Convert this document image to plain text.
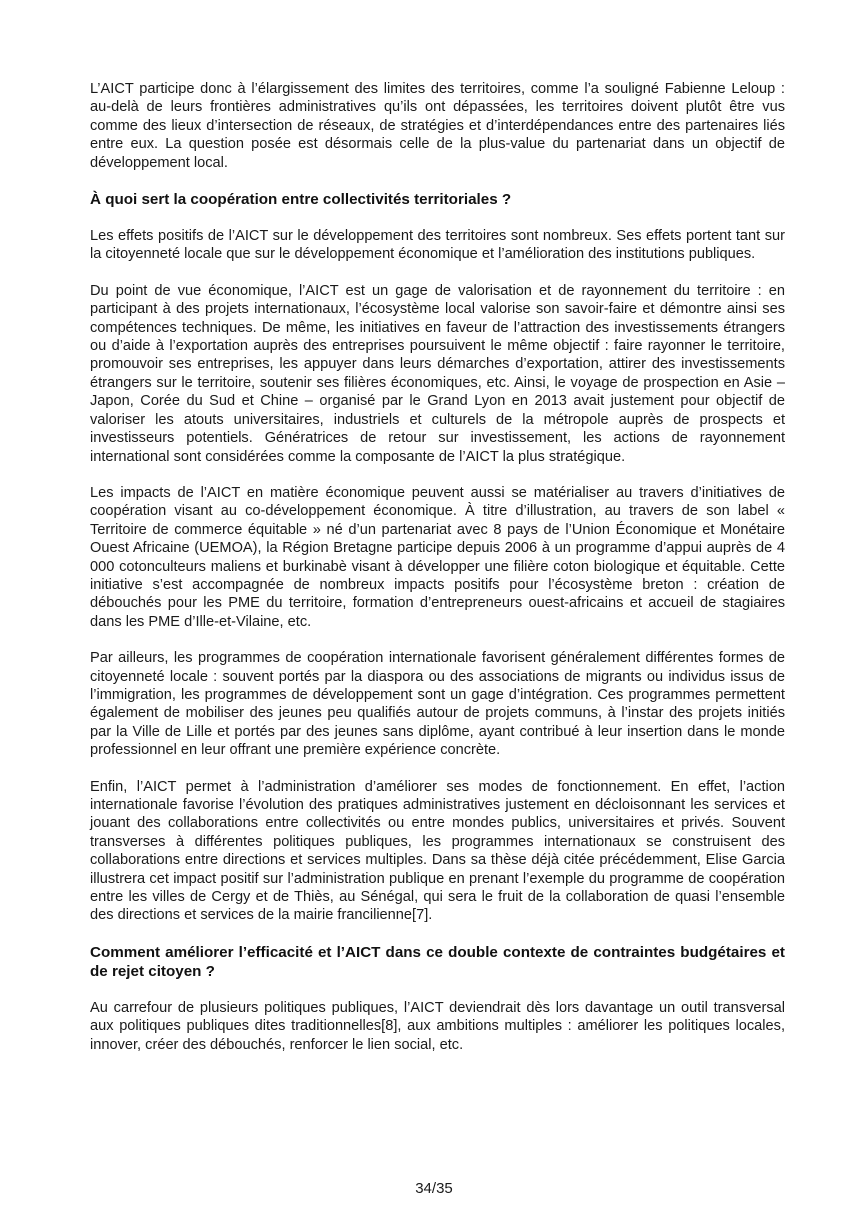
L’AICT participe donc à l’élargissement des limites des territoires, comme l’a souligné Fabienne Leloup : au-delà de leurs frontières administratives qu’ils ont dépassées, les territoires doivent plutôt être vus comme des lieux d’intersection de réseaux, de stratégies et d’interdépendances entre des partenaires liés entre eux. La question posée est désormais celle de la plus-value du partenariat dans un objectif de développement local.

À quoi sert la coopération entre collectivités territoriales ?

Les effets positifs de l’AICT sur le développement des territoires sont nombreux. Ses effets portent tant sur la citoyenneté locale que sur le développement économique et l’amélioration des institutions publiques.

Du point de vue économique, l’AICT est un gage de valorisation et de rayonnement du territoire : en participant à des projets internationaux, l’écosystème local valorise son savoir-faire et démontre ainsi ses compétences techniques. De même, les initiatives en faveur de l’attraction des investissements étrangers ou d’aide à l’exportation auprès des entreprises poursuivent le même objectif : faire rayonner le territoire, promouvoir ses entreprises, les appuyer dans leurs démarches d’exportation, attirer des investissements étrangers sur le territoire, soutenir ses filières économiques, etc. Ainsi, le voyage de prospection en Asie – Japon, Corée du Sud et Chine – organisé par le Grand Lyon en 2013 avait justement pour objectif de valoriser les atouts universitaires, industriels et culturels de la métropole auprès de prospects et investisseurs potentiels. Génératrices de retour sur investissement, les actions de rayonnement international sont considérées comme la composante de l’AICT la plus stratégique.

Les impacts de l’AICT en matière économique peuvent aussi se matérialiser au travers d’initiatives de coopération visant au co-développement économique. À titre d’illustration, au travers de son label « Territoire de commerce équitable » né d’un partenariat avec 8 pays de l’Union Économique et Monétaire Ouest Africaine (UEMOA), la Région Bretagne participe depuis 2006 à un programme d’appui auprès de 4 000 cotonculteurs maliens et burkinabè visant à développer une filière coton biologique et équitable. Cette initiative s’est accompagnée de nombreux impacts positifs pour l’écosystème breton : création de débouchés pour les PME du territoire, formation d’entrepreneurs ouest-africains et accueil de stagiaires dans les PME d’Ille-et-Vilaine, etc.

Par ailleurs, les programmes de coopération internationale favorisent généralement différentes formes de citoyenneté locale : souvent portés par la diaspora ou des associations de migrants ou individus issus de l’immigration, les programmes de développement sont un gage d’intégration. Ces programmes permettent également de mobiliser des jeunes peu qualifiés autour de projets communs, à l’instar des projets initiés par la Ville de Lille et portés par des jeunes sans diplôme, ayant contribué à leur insertion dans le monde professionnel en leur offrant une première expérience concrète.

Enfin, l’AICT permet à l’administration d’améliorer ses modes de fonctionnement. En effet, l’action internationale favorise l’évolution des pratiques administratives justement en décloisonnant les services et jouant des collaborations entre collectivités ou entre mondes publics, universitaires et privés. Souvent transverses à différentes politiques publiques, les programmes internationaux se construisent des collaborations entre directions et services multiples. Dans sa thèse déjà citée précédemment, Elise Garcia illustrera cet impact positif sur l’administration publique en prenant l’exemple du programme de coopération entre les villes de Cergy et de Thiès, au Sénégal, qui sera le fruit de la collaboration de quasi l’ensemble des directions et services de la mairie francilienne[7].

Comment améliorer l’efficacité et l’AICT dans ce double contexte de contraintes budgétaires et de rejet citoyen ?

Au carrefour de plusieurs politiques publiques, l’AICT deviendrait dès lors davantage un outil transversal aux politiques publiques dites traditionnelles[8], aux ambitions multiples : améliorer les politiques locales, innover, créer des débouchés, renforcer le lien social, etc.

34/35
